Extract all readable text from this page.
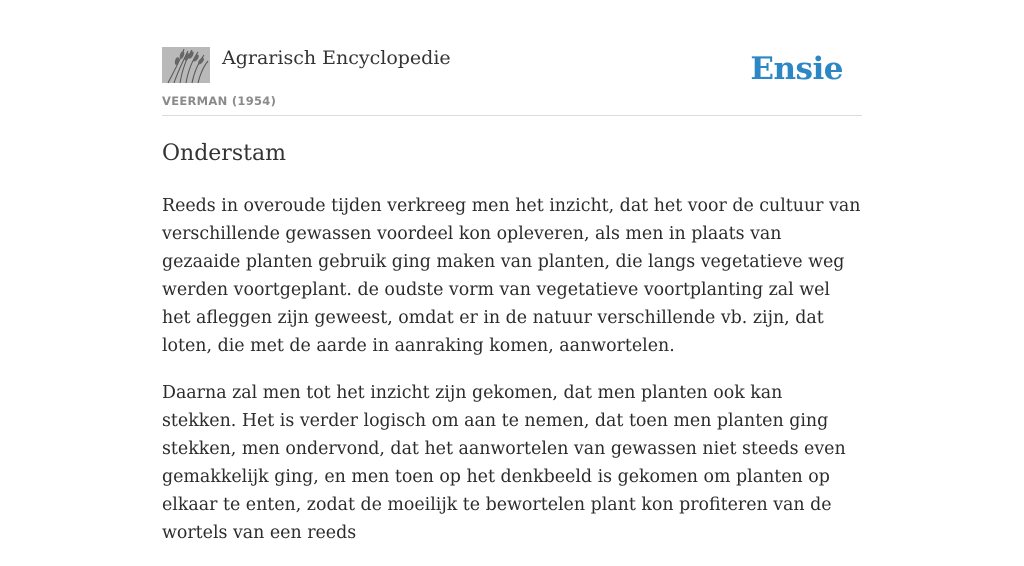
Agrarisch Encyclopedie
VEERMAN (1954)
Ensie
Onderstam

Reeds in overoude tijden verkreeg men het inzicht, dat het voor de cultuur van verschillende gewassen voordeel kon opleveren, als men in plaats van gezaaide planten gebruik ging maken van planten, die langs vegetatieve weg werden voortgeplant. de oudste vorm van vegetatieve voortplanting zal wel het afleggen zijn geweest, omdat er in de natuur verschillende vb. zijn, dat loten, die met de aarde in aanraking komen, aanwortelen.

Daarna zal men tot het inzicht zijn gekomen, dat men planten ook kan stekken. Het is verder logisch om aan te nemen, dat toen men planten ging stekken, men ondervond, dat het aanwortelen van gewassen niet steeds even gemakkelijk ging, en men toen op het denkbeeld is gekomen om planten op elkaar te enten, zodat de moeilijk te bewortelen plant kon profiteren van de wortels van een reeds
